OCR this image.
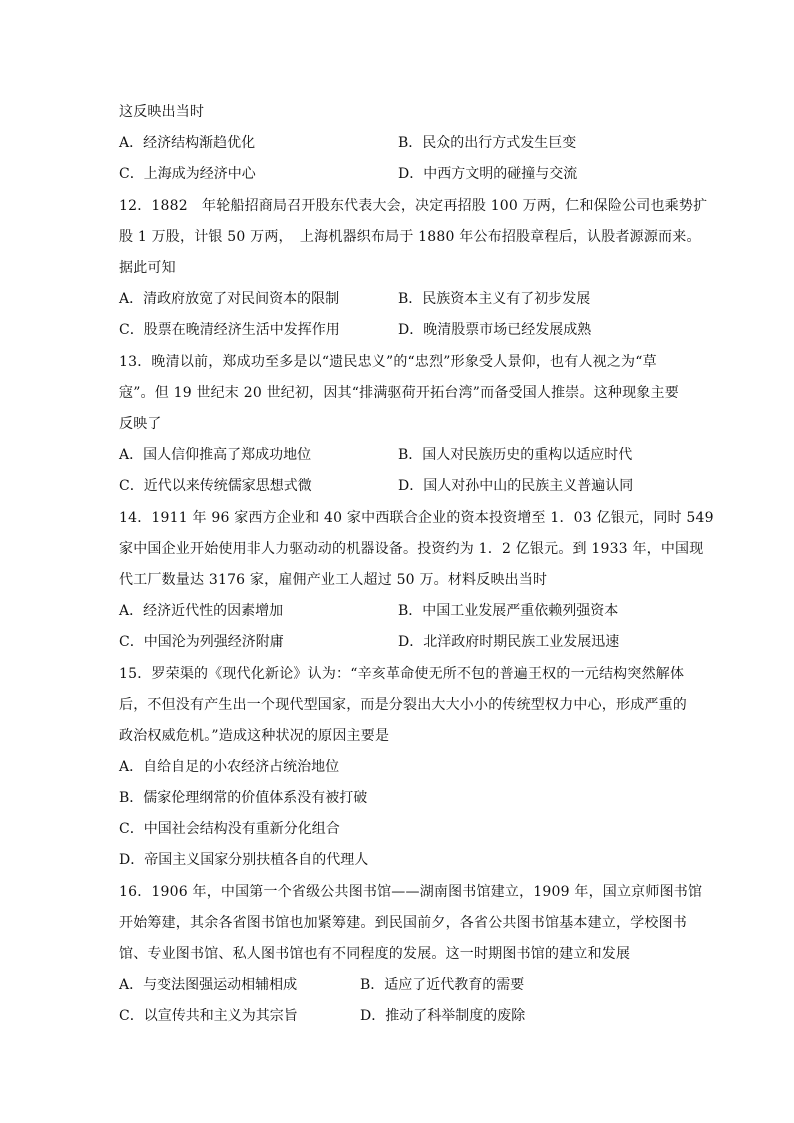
这反映出当时
A．经济结构渐趋优化	B．民众的出行方式发生巨变
C．上海成为经济中心	D．中西方文明的碰撞与交流
12．1882　年轮船招商局召开股东代表大会，决定再招股 100 万两，仁和保险公司也乘势扩
股 1 万股，计银 50 万两，　上海机器织布局于 1880 年公布招股章程后，认股者源源而来。
据此可知
A．清政府放宽了对民间资本的限制	B．民族资本主义有了初步发展
C．股票在晚清经济生活中发挥作用	D．晚清股票市场已经发展成熟
13．晚清以前，郑成功至多是以“遗民忠义”的“忠烈”形象受人景仰，也有人视之为“草
寇”。但 19 世纪末 20 世纪初，因其“排满驱荷开拓台湾”而备受国人推崇。这种现象主要
反映了
A．国人信仰推高了郑成功地位	B．国人对民族历史的重构以适应时代
C．近代以来传统儒家思想式微	D．国人对孙中山的民族主义普遍认同
14．1911 年 96 家西方企业和 40 家中西联合企业的资本投资增至 1．03 亿银元，同时 549
家中国企业开始使用非人力驱动动的机器设备。投资约为 1．2 亿银元。到 1933 年，中国现
代工厂数量达 3176 家，雇佣产业工人超过 50 万。材料反映出当时
A．经济近代性的因素增加	B．中国工业发展严重依赖列强资本
C．中国沦为列强经济附庸	D．北洋政府时期民族工业发展迅速
15．罗荣渠的《现代化新论》认为：“辛亥革命使无所不包的普遍王权的一元结构突然解体
后，不但没有产生出一个现代型国家，而是分裂出大大小小的传统型权力中心，形成严重的
政治权威危机。”造成这种状况的原因主要是
A．自给自足的小农经济占统治地位
B．儒家伦理纲常的价值体系没有被打破
C．中国社会结构没有重新分化组合
D．帝国主义国家分别扶植各自的代理人
16．1906 年，中国第一个省级公共图书馆——湖南图书馆建立，1909 年，国立京师图书馆
开始筹建，其余各省图书馆也加紧筹建。到民国前夕，各省公共图书馆基本建立，学校图书
馆、专业图书馆、私人图书馆也有不同程度的发展。这一时期图书馆的建立和发展
A．与变法图强运动相辅相成	B．适应了近代教育的需要
C．以宣传共和主义为其宗旨	D．推动了科举制度的废除
